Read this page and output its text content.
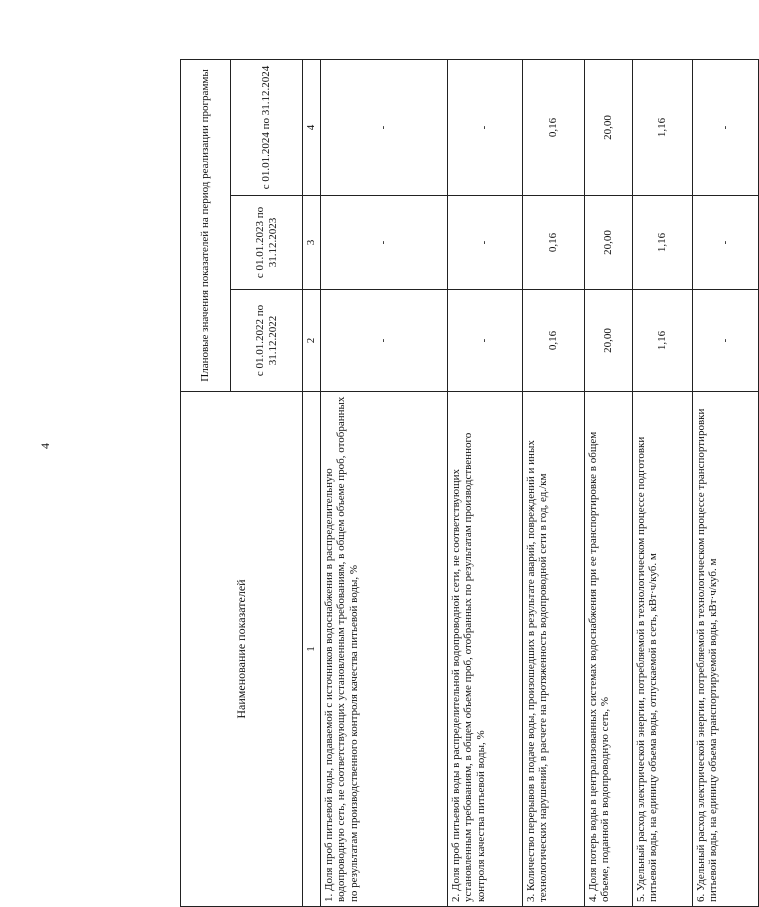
4
Наименование показателей	Плановые значения показателей на период реализации программы		
	с 01.01.2022 по 31.12.2022	с 01.01.2023 по 31.12.2023	с 01.01.2024 по 31.12.2024
1	2	3	4
1. Доля проб питьевой воды, подаваемой с источников водоснабжения в распределительную водопроводную сеть, не соответствующих установленным требованиям, в общем объеме проб, отобранных по результатам производственного контроля качества питьевой воды, %	-	-	-
2. Доля проб питьевой воды в распределительной водопроводной сети, не соответствующих установленным требованиям, в общем объеме проб, отобранных по результатам производственного контроля качества питьевой воды, %	-	-	-
3. Количество перерывов в подаче воды, произошедших в результате аварий, повреждений и иных технологических нарушений, в расчете на протяженность водопроводной сети в год, ед./км	0,16	0,16	0,16
4. Доля потерь воды в централизованных системах водоснабжения при ее транспортировке в общем объеме, поданной в водопроводную сеть, %	20,00	20,00	20,00
5. Удельный расход электрической энергии, потребляемой в технологическом процессе подготовки питьевой воды, на единицу объема воды, отпускаемой в сеть, кВт·ч/куб. м	1,16	1,16	1,16
6. Удельный расход электрической энергии, потребляемой в технологическом процессе транспортировки питьевой воды, на единицу объема транспортируемой воды, кВт·ч/куб. м	-	-	-
